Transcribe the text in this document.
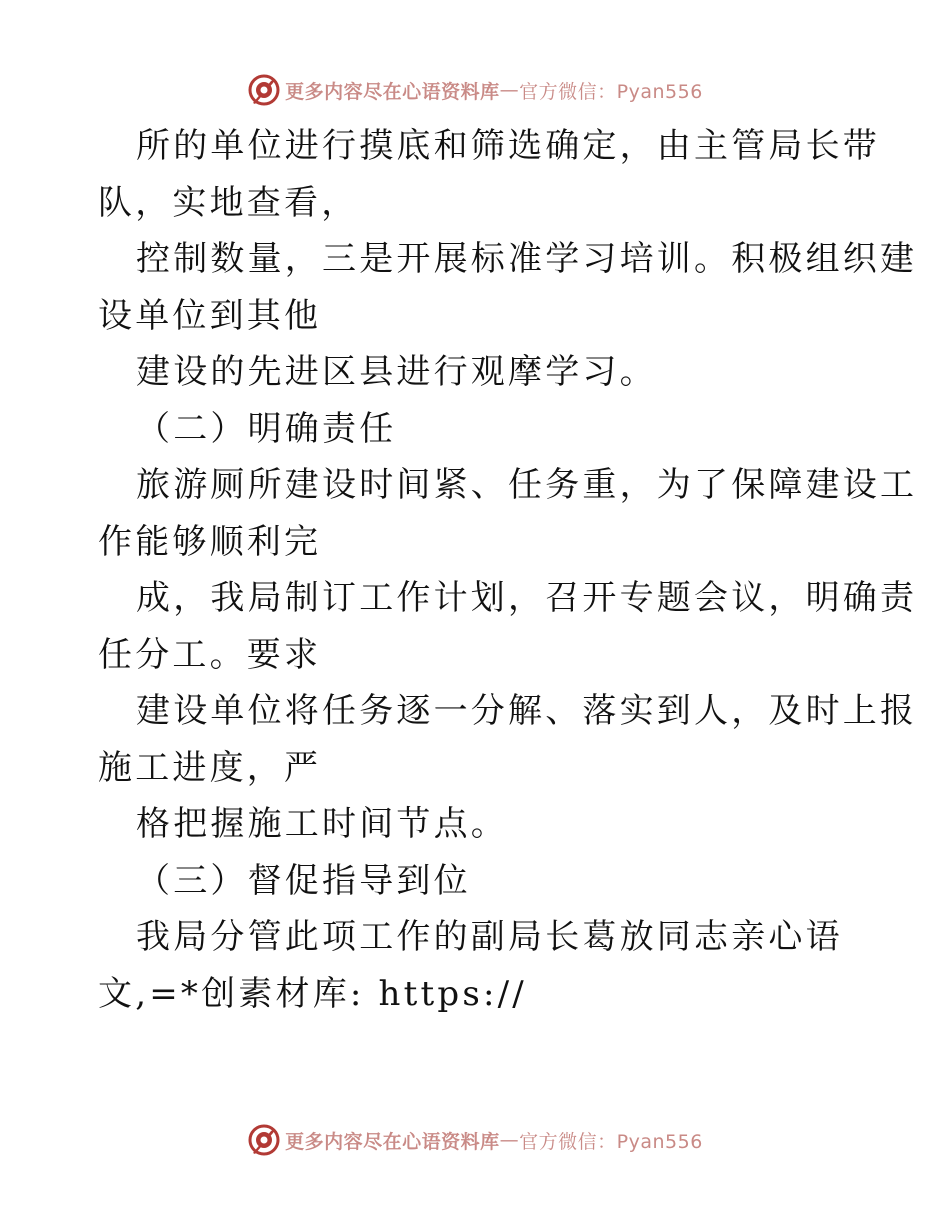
更多内容尽在心语资料库 — 官方微信：Pyan556
所的单位进行摸底和筛选确定，由主管局长带
队，实地查看，
控制数量，三是开展标准学习培训。积极组织建
设单位到其他
建设的先进区县进行观摩学习。
（二）明确责任
旅游厕所建设时间紧、任务重，为了保障建设工
作能够顺利完
成，我局制订工作计划，召开专题会议，明确责
任分工。要求
建设单位将任务逐一分解、落实到人，及时上报
施工进度，严
格把握施工时间节点。
（三）督促指导到位
我局分管此项工作的副局长葛放同志亲心语
文,=*创素材库: https://
更多内容尽在心语资料库 — 官方微信：Pyan556
